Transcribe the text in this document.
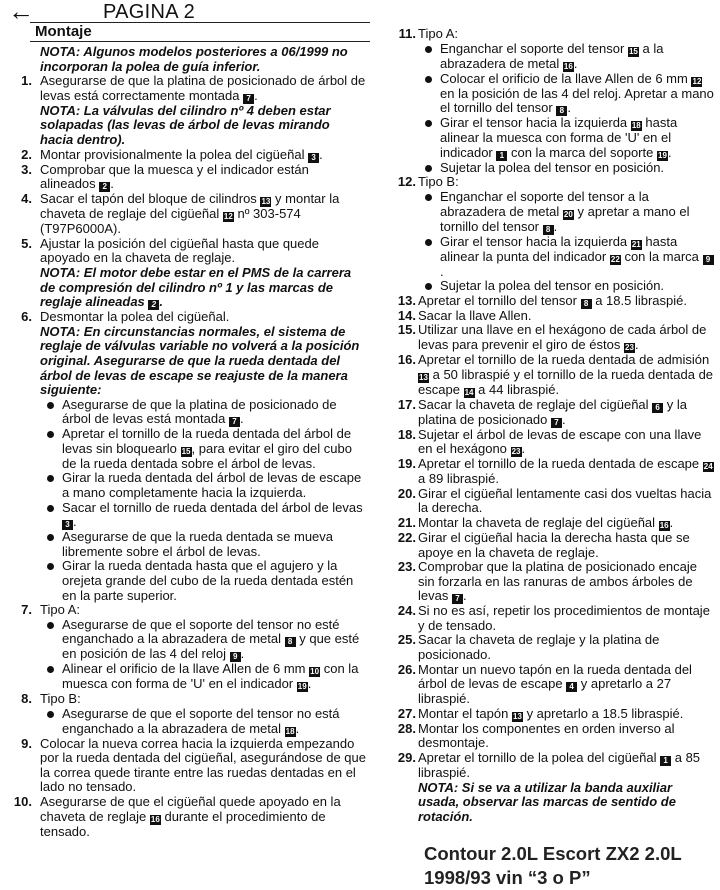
←	PAGINA 2
Montaje
NOTA: Algunos modelos posteriores a 06/1999 no incorporan la polea de guía inferior.
1. Asegurarse de que la platina de posicionado de árbol de levas está correctamente montada 7 .
NOTA: La válvulas del cilindro nº 4 deben estar solapadas (las levas de árbol de levas mirando hacia dentro).
2. Montar provisionalmente la polea del cigüeñal 3 .
3. Comprobar que la muesca y el indicador están alineados 2 .
4. Sacar el tapón del bloque de cilindros 13 y montar la chaveta de reglaje del cigüeñal 12 nº 303-574 (T97P6000A).
5. Ajustar la posición del cigüeñal hasta que quede apoyado en la chaveta de reglaje.
NOTA: El motor debe estar en el PMS de la carrera de compresión del cilindro nº 1 y las marcas de reglaje alineadas 2 .
6. Desmontar la polea del cigüeñal.
NOTA: En circunstancias normales, el sistema de reglaje de válvulas variable no volverá a la posición original. Asegurarse de que la rueda dentada del árbol de levas de escape se reajuste de la manera siguiente:
Asegurarse de que la platina de posicionado de árbol de levas está montada 7 .
Apretar el tornillo de la rueda dentada del árbol de levas sin bloquearlo 15, para evitar el giro del cubo de la rueda dentada sobre el árbol de levas.
Girar la rueda dentada del árbol de levas de escape a mano completamente hacia la izquierda.
Sacar el tornillo de rueda dentada del árbol de levas 3 .
Asegurarse de que la rueda dentada se mueva libremente sobre el árbol de levas.
Girar la rueda dentada hasta que el agujero y la orejeta grande del cubo de la rueda dentada estén en la parte superior.
7. Tipo A:
Asegurarse de que el soporte del tensor no esté enganchado a la abrazadera de metal 8 y que esté en posición de las 4 del reloj 9 .
Alinear el orificio de la llave Allen de 6 mm 10 con la muesca con forma de 'U' en el indicador 19.
8. Tipo B:
Asegurarse de que el soporte del tensor no está enganchado a la abrazadera de metal 18.
9. Colocar la nueva correa hacia la izquierda empezando por la rueda dentada del cigüeñal, asegurándose de que la correa quede tirante entre las ruedas dentadas en el lado no tensado.
10. Asegurarse de que el cigüeñal quede apoyado en la chaveta de reglaje 16 durante el procedimiento de tensado.
11. Tipo A:
Enganchar el soporte del tensor 15 a la abrazadera de metal 16.
Colocar el orificio de la llave Allen de 6 mm 12 en la posición de las 4 del reloj. Apretar a mano el tornillo del tensor 8 .
Girar el tensor hacia la izquierda 18 hasta alinear la muesca con forma de 'U' en el indicador 1 con la marca del soporte 19.
Sujetar la polea del tensor en posición.
12. Tipo B:
Enganchar el soporte del tensor a la abrazadera de metal 20 y apretar a mano el tornillo del tensor 8 .
Girar el tensor hacia la izquierda 21 hasta alinear la punta del indicador 22 con la marca 9.
Sujetar la polea del tensor en posición.
13. Apretar el tornillo del tensor 8 a 18.5 libraspié.
14. Sacar la llave Allen.
15. Utilizar una llave en el hexágono de cada árbol de levas para prevenir el giro de éstos 23.
16. Apretar el tornillo de la rueda dentada de admisión 13 a 50 libraspié y el tornillo de la rueda dentada de escape 14 a 44 libraspié.
17. Sacar la chaveta de reglaje del cigüeñal 6 y la platina de posicionado 7 .
18. Sujetar el árbol de levas de escape con una llave en el hexágono 23.
19. Apretar el tornillo de la rueda dentada de escape 24 a 89 libraspié.
20. Girar el cigüeñal lentamente casi dos vueltas hacia la derecha.
21. Montar la chaveta de reglaje del cigüeñal 16.
22. Girar el cigüeñal hacia la derecha hasta que se apoye en la chaveta de reglaje.
23. Comprobar que la platina de posicionado encaje sin forzarla en las ranuras de ambos árboles de levas 7 .
24. Si no es así, repetir los procedimientos de montaje y de tensado.
25. Sacar la chaveta de reglaje y la platina de posicionado.
26. Montar un nuevo tapón en la rueda dentada del árbol de levas de escape 4 y apretarlo a 27 libraspié.
27. Montar el tapón 13 y apretarlo a 18.5 libraspié.
28. Montar los componentes en orden inverso al desmontaje.
29. Apretar el tornillo de la polea del cigüeñal 1 a 85 libraspié.
NOTA: Si se va a utilizar la banda auxiliar usada, observar las marcas de sentido de rotación.
Contour 2.0L Escort ZX2 2.0L
1998/93 vin “3 o P”
